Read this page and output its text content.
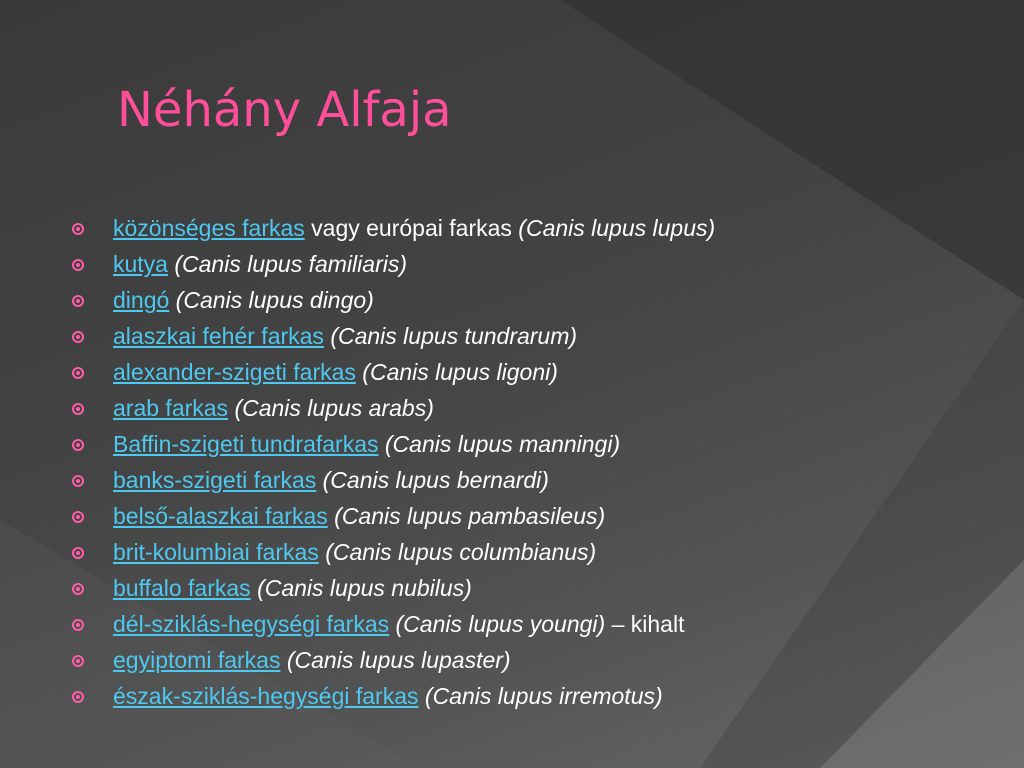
Néhány Alfaja
közönséges farkas vagy európai farkas (Canis lupus lupus)
kutya (Canis lupus familiaris)
dingó (Canis lupus dingo)
alaszkai fehér farkas (Canis lupus tundrarum)
alexander-szigeti farkas (Canis lupus ligoni)
arab farkas (Canis lupus arabs)
Baffin-szigeti tundrafarkas (Canis lupus manningi)
banks-szigeti farkas (Canis lupus bernardi)
belső-alaszkai farkas (Canis lupus pambasileus)
brit-kolumbiai farkas (Canis lupus columbianus)
buffalo farkas (Canis lupus nubilus)
dél-sziklás-hegységi farkas (Canis lupus youngi) – kihalt
egyiptomi farkas (Canis lupus lupaster)
észak-sziklás-hegységi farkas (Canis lupus irremotus)
